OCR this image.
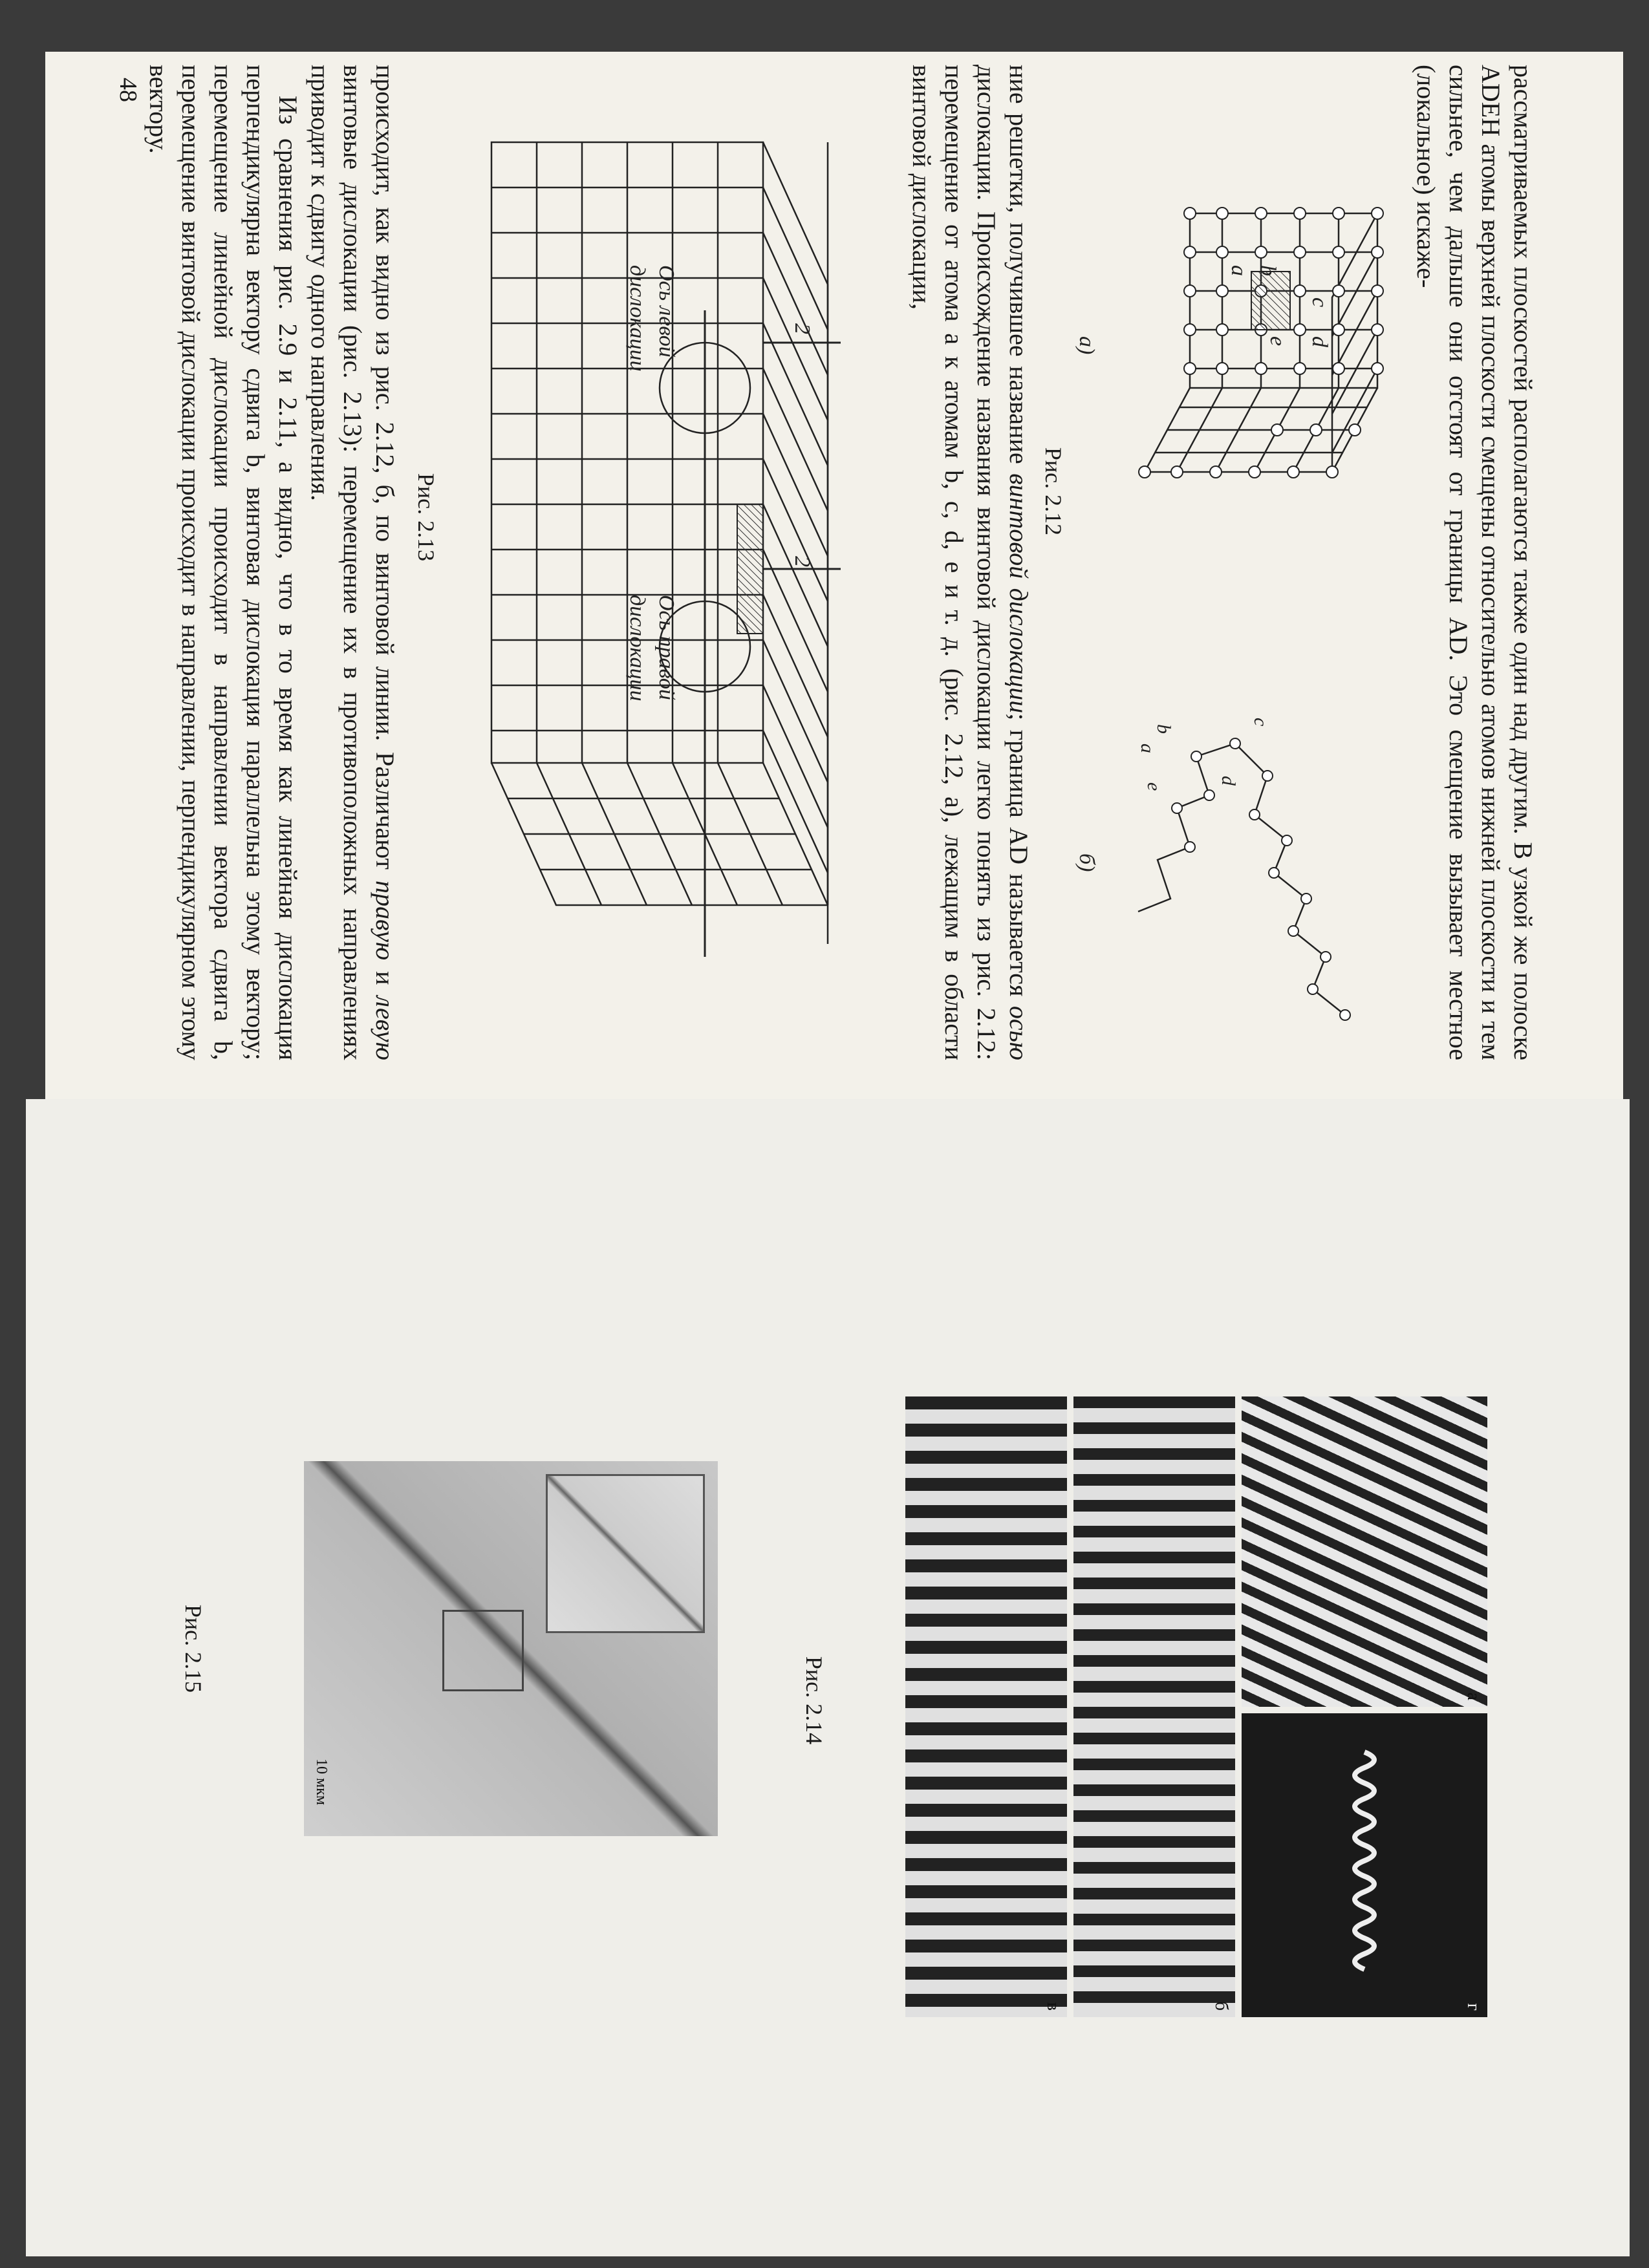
рассматриваемых плоскостей располагаются также один над другим. В узкой же полоске ADEH атомы верхней плоскости смещены относительно атомов нижней плоскости и тем сильнее, чем дальше они отстоят от границы AD. Это смещение вызывает местное (локальное) искаже-

c
d
e
b
a
а)
б)
c
b
d
a
e
Рис. 2.12

ние решетки, получившее название винтовой дислокации; граница AD называется осью дислокации. Происхождение названия винтовой дислокации легко понять из рис. 2.12: перемещение от атома a к атомам b, c, d, e и т. д. (рис. 2.12, a), лежащим в области винтовой дислокации,

Ось левой
дислокации
Ось правой
дислокации
2
2
Рис. 2.13

происходит, как видно из рис. 2.12, б, по винтовой линии. Различают правую и левую винтовые дислокации (рис. 2.13): перемещение их в противоположных направлениях приводит к сдвигу одного направления.

Из сравнения рис. 2.9 и 2.11, а видно, что в то время как линейная дислокация перпендикулярна вектору сдвига b, винтовая дислокация параллельна этому вектору; перемещение линейной дислокации происходит в направлении вектора сдвига b, перемещение винтовой дислокации происходит в направлении, перпендикулярном этому вектору.

48
а
г
б
в
Рис. 2.14
10 мкм
Рис. 2.15
